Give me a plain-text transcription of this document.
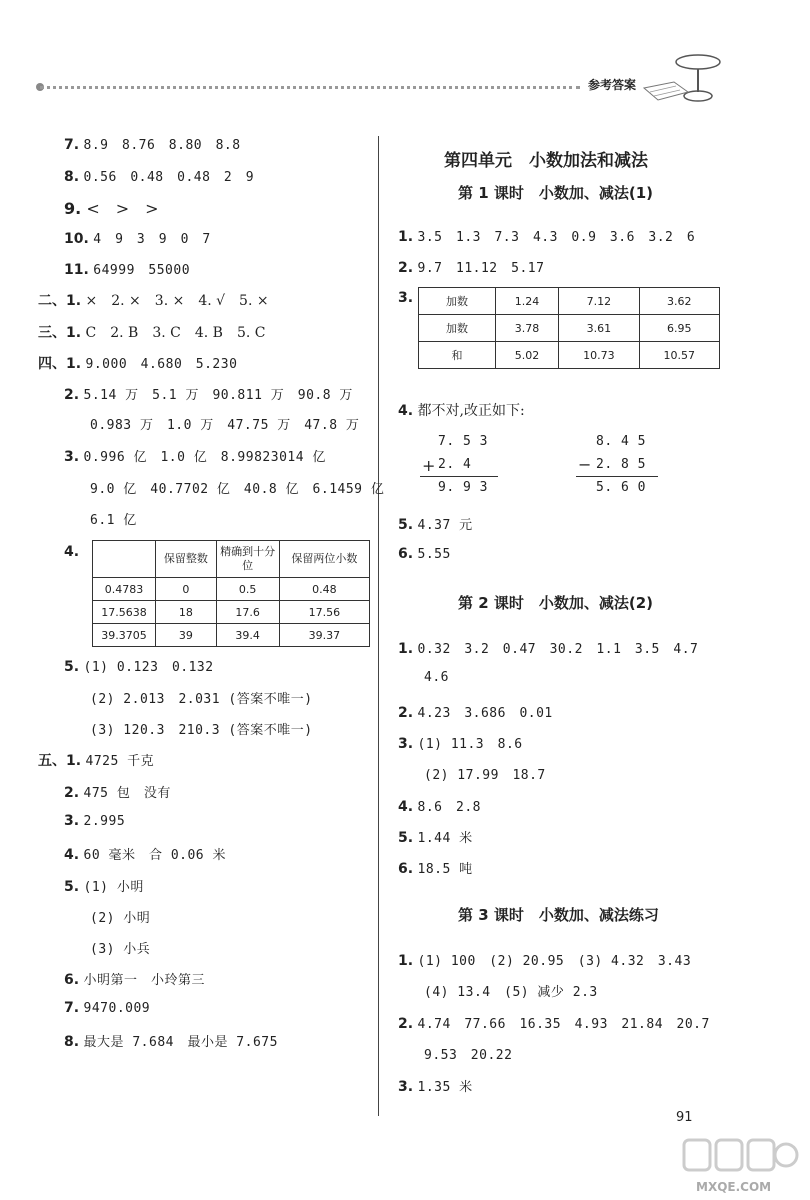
参考答案
7. 8.9　8.76　8.80　8.8
8. 0.56　0.48　0.48　2　9
9. <　>　>
10. 4　9　3　9　0　7
11. 64999　55000
二、1. ×　2. ×　3. ×　4. √　5. ×
三、1. C　2. B　3. C　4. B　5. C
四、1. 9.000　4.680　5.230
2. 5.14 万　5.1 万　90.811 万　90.8 万
0.983 万　1.0 万　47.75 万　47.8 万
3. 0.996 亿　1.0 亿　8.99823014 亿
9.0 亿　40.7702 亿　40.8 亿　6.1459 亿
6.1 亿
4.
		保留整数	精确到十分位	保留两位小数
0.4783	0	0.5	0.48
17.5638	18	17.6	17.56
39.3705	39	39.4	39.37
5. (1) 0.123　0.132
(2) 2.013　2.031 (答案不唯一)
(3) 120.3　210.3 (答案不唯一)
五、1. 4725 千克
2. 475 包　没有
3. 2.995
4. 60 毫米　合 0.06 米
5. (1) 小明
(2) 小明
(3) 小兵
6. 小明第一　小玲第三
7. 9470.009
8. 最大是 7.684　最小是 7.675
第四单元　小数加法和减法
第 1 课时　小数加、减法(1)
1. 3.5　1.3　7.3　4.3　0.9　3.6　3.2　6
2. 9.7　11.12　5.17
3.	加数	1.24	7.12	3.62
加数	3.78	3.61	6.95
和	5.02	10.73	10.57
4. 都不对,改正如下:
7. 5 3
+ 2. 4
9. 9 3
8. 4 5
− 2. 8 5
5. 6 0
5. 4.37 元
6. 5.55
第 2 课时　小数加、减法(2)
1. 0.32　3.2　0.47　30.2　1.1　3.5　4.7
4.6
2. 4.23　3.686　0.01
3. (1) 11.3　8.6
(2) 17.99　18.7
4. 8.6　2.8
5. 1.44 米
6. 18.5 吨
第 3 课时　小数加、减法练习
1. (1) 100　(2) 20.95　(3) 4.32　3.43
(4) 13.4　(5) 减少 2.3
2. 4.74　77.66　16.35　4.93　21.84　20.7
9.53　20.22
3. 1.35 米
91
MXQE.COM
